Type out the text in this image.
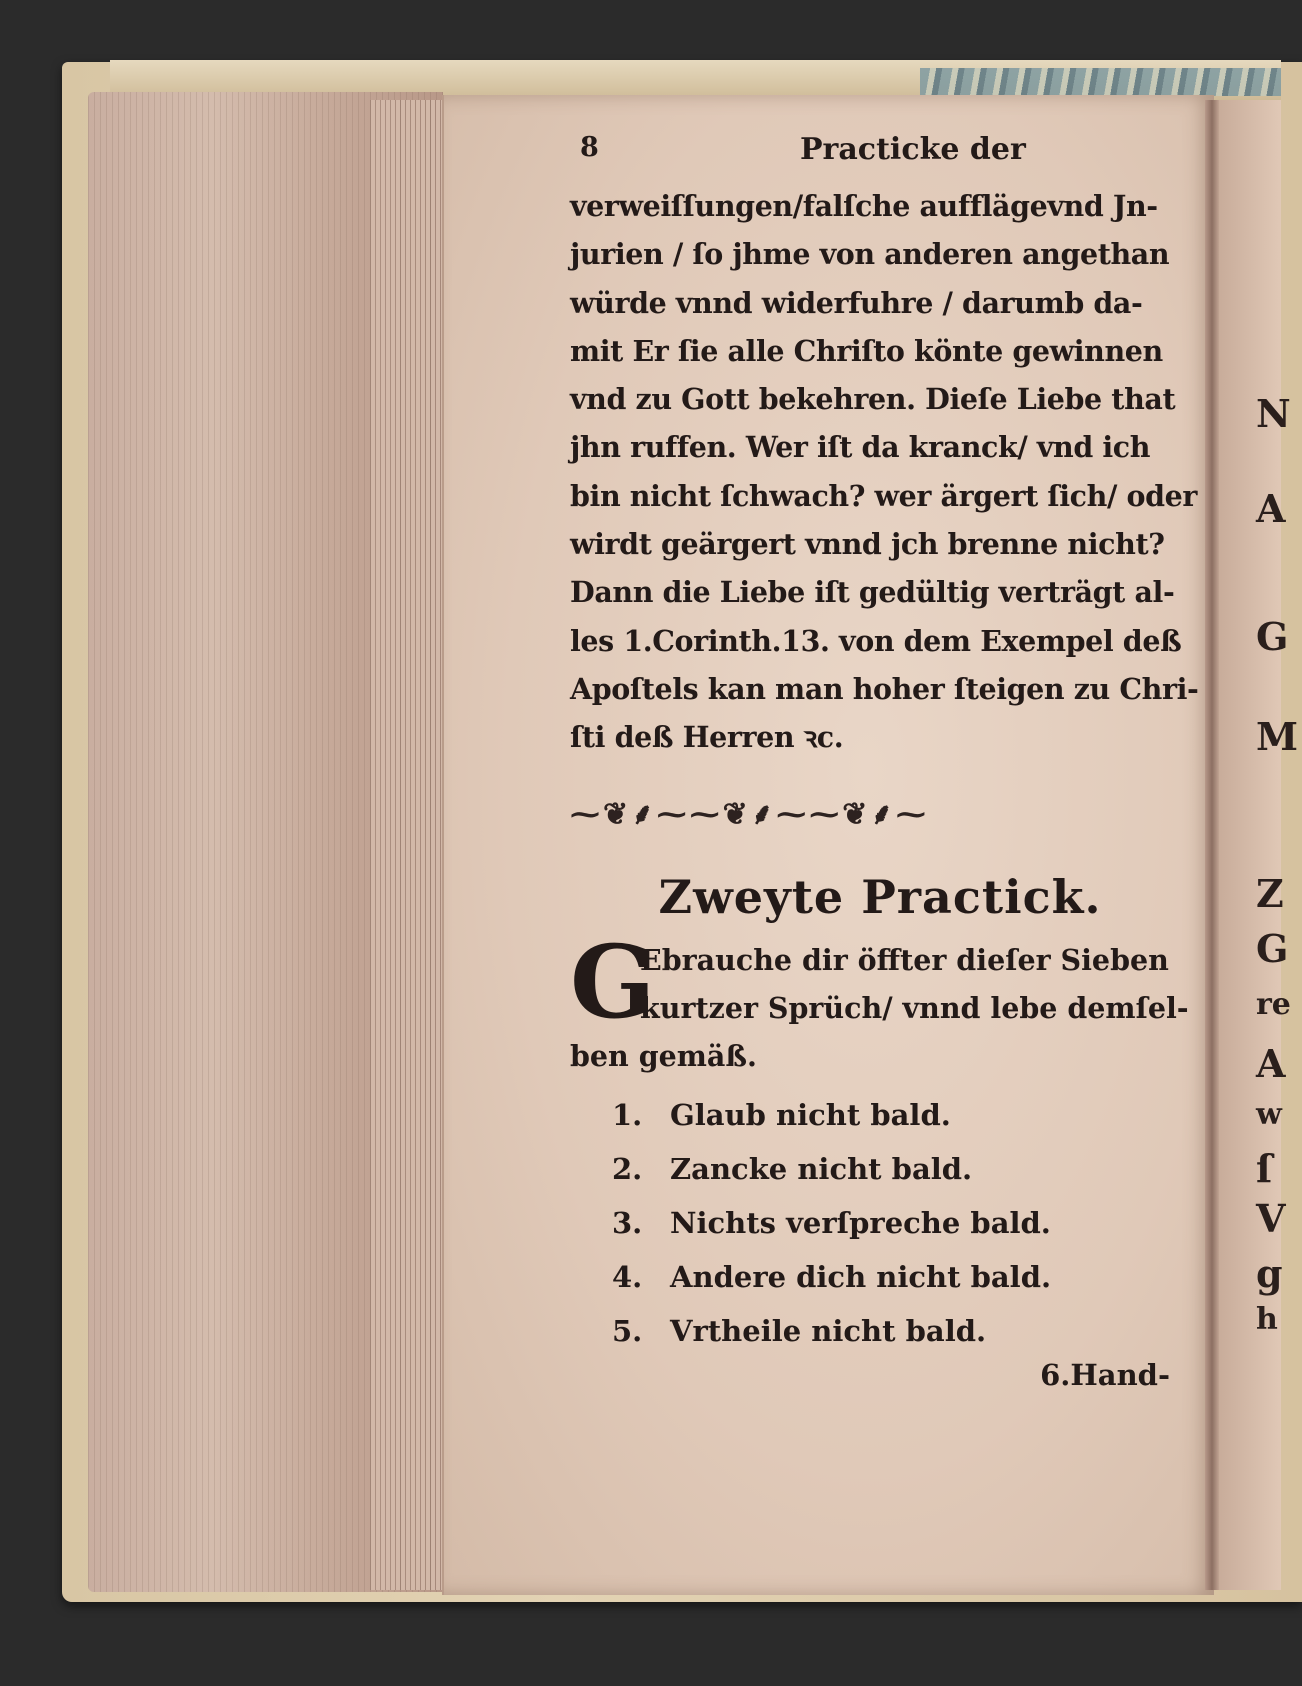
N
A
G
M
Z
G
re
A
w
ſ
V
g
h
8	Practicke der
verweiſſungen/falſche aufflägevnd Jn-
jurien / ſo jhme von anderen angethan
würde vnnd widerfuhre / darumb da-
mit Er ſie alle Chriſto könte gewinnen
vnd zu Gott bekehren. Dieſe Liebe that
jhn ruffen. Wer iſt da kranck/ vnd ich
bin nicht ſchwach? wer ärgert ſich/ oder
wirdt geärgert vnnd jch brenne nicht?
Dann die Liebe iſt gedültig verträgt al-
les 1.Corinth.13. von dem Exempel deß
Apoſtels kan man hoher ſteigen zu Chri-
ſti deß Herren ꝛc.
⁓❦⸙⁓⁓❦⸙⁓⁓❦⸙⁓
Zweyte Practick.
G
Ebrauche dir öffter dieſer Sieben
kurtzer Sprüch/ vnnd lebe demſel-
ben gemäß.
1. Glaub nicht bald.
2. Zancke nicht bald.
3. Nichts verſpreche bald.
4. Andere dich nicht bald.
5. Vrtheile nicht bald.
6.Hand-
